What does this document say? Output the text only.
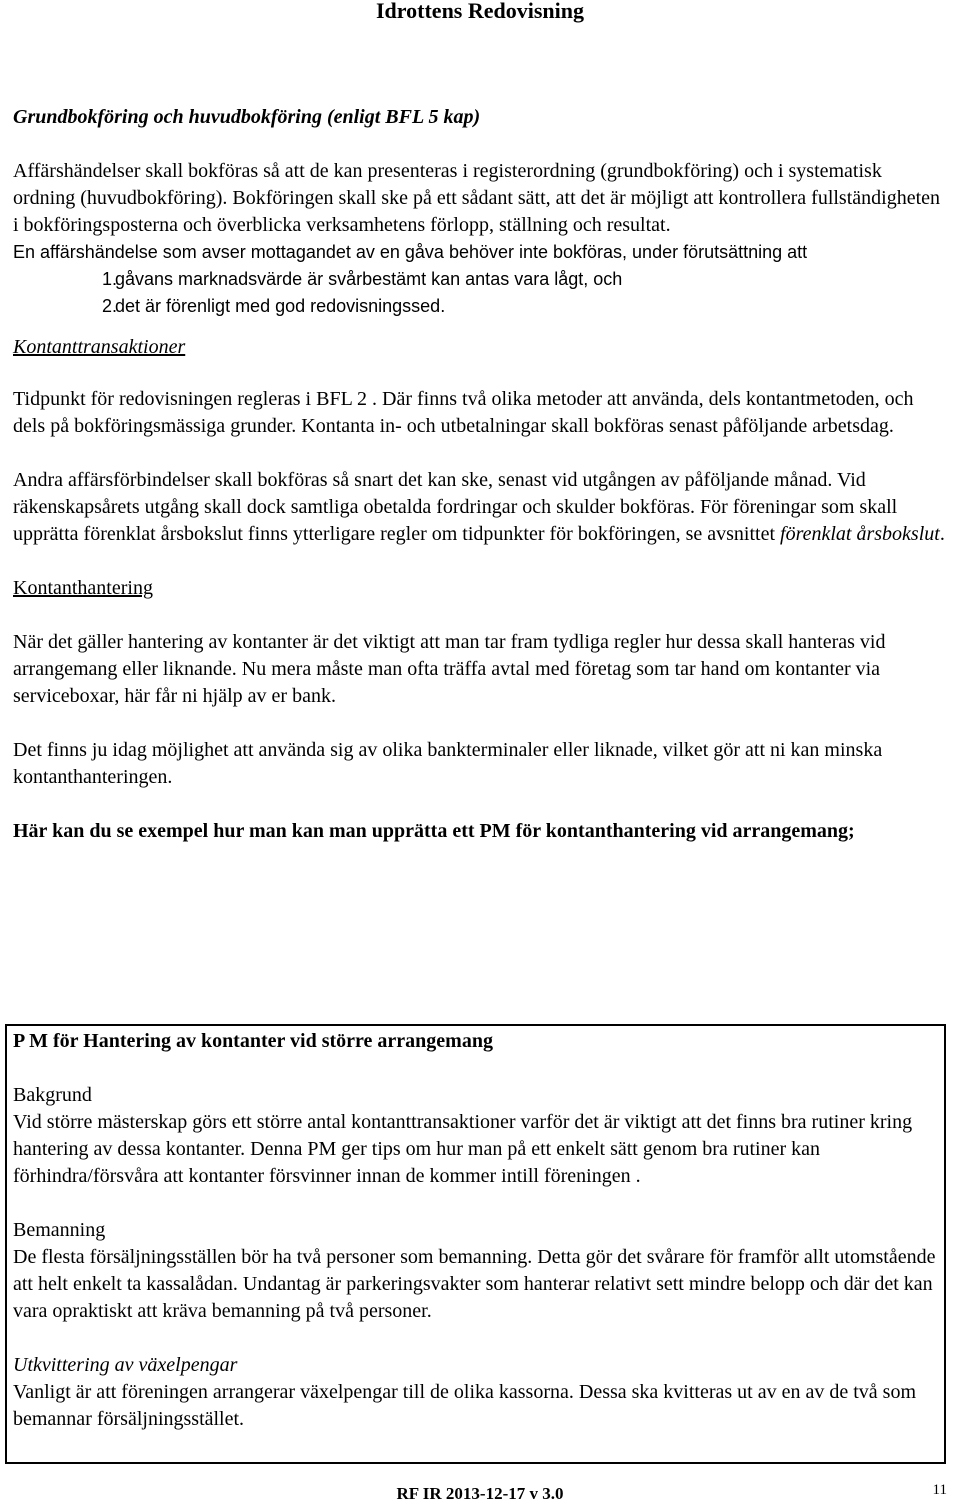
Idrottens Redovisning

Grundbokföring och huvudbokföring (enligt BFL 5 kap)

Affärshändelser skall bokföras så att de kan presenteras i registerordning (grundbokföring) och i systematisk ordning (huvudbokföring). Bokföringen skall ske på ett sådant sätt, att det är möjligt att kontrollera fullständigheten i bokföringsposterna och överblicka verksamhetens förlopp, ställning och resultat.

En affärshändelse som avser mottagandet av en gåva behöver inte bokföras, under förutsättning att

1.
gåvans marknadsvärde är svårbestämt kan antas vara lågt, och
2.
det är förenligt med god redovisningssed.

Kontanttransaktioner

Tidpunkt för redovisningen regleras i BFL 2 . Där finns två olika metoder att använda, dels kontantmetoden, och dels på bokföringsmässiga grunder. Kontanta in- och utbetalningar skall bokföras senast påföljande arbetsdag.

Andra affärsförbindelser skall bokföras så snart det kan ske, senast vid utgången av påföljande månad. Vid räkenskapsårets utgång skall dock samtliga obetalda fordringar och skulder bokföras. För föreningar som skall upprätta förenklat årsbokslut finns ytterligare regler om tidpunkter för bokföringen, se avsnittet förenklat årsbokslut.

Kontanthantering

När det gäller hantering av kontanter är det viktigt att man tar fram tydliga regler hur dessa skall hanteras vid arrangemang eller liknande. Nu mera måste man ofta träffa avtal med företag som tar hand om kontanter via serviceboxar, här får ni hjälp av er bank.

Det finns ju idag möjlighet att använda sig av olika bankterminaler eller liknade, vilket gör att ni kan minska kontanthanteringen.

Här kan du se exempel hur man kan man upprätta ett PM för kontanthantering vid arrangemang;

P M för Hantering av kontanter vid större arrangemang

Bakgrund

Vid större mästerskap görs ett större antal kontanttransaktioner varför det är viktigt att det finns bra rutiner kring hantering av dessa kontanter. Denna PM ger tips om hur man på ett enkelt sätt genom bra rutiner kan förhindra/försvåra att kontanter försvinner innan de kommer intill föreningen .

Bemanning

De flesta försäljningsställen bör ha två personer som bemanning. Detta gör det svårare för framför allt utomstående att helt enkelt ta kassalådan. Undantag är parkeringsvakter som hanterar relativt sett mindre belopp och där det kan vara opraktiskt att kräva bemanning på två personer.

Utkvittering av växelpengar

Vanligt är att föreningen arrangerar växelpengar till de olika kassorna. Dessa ska kvitteras ut av en av de två som bemannar försäljningsstället.

RF IR 2013-12-17 v 3.0	11
